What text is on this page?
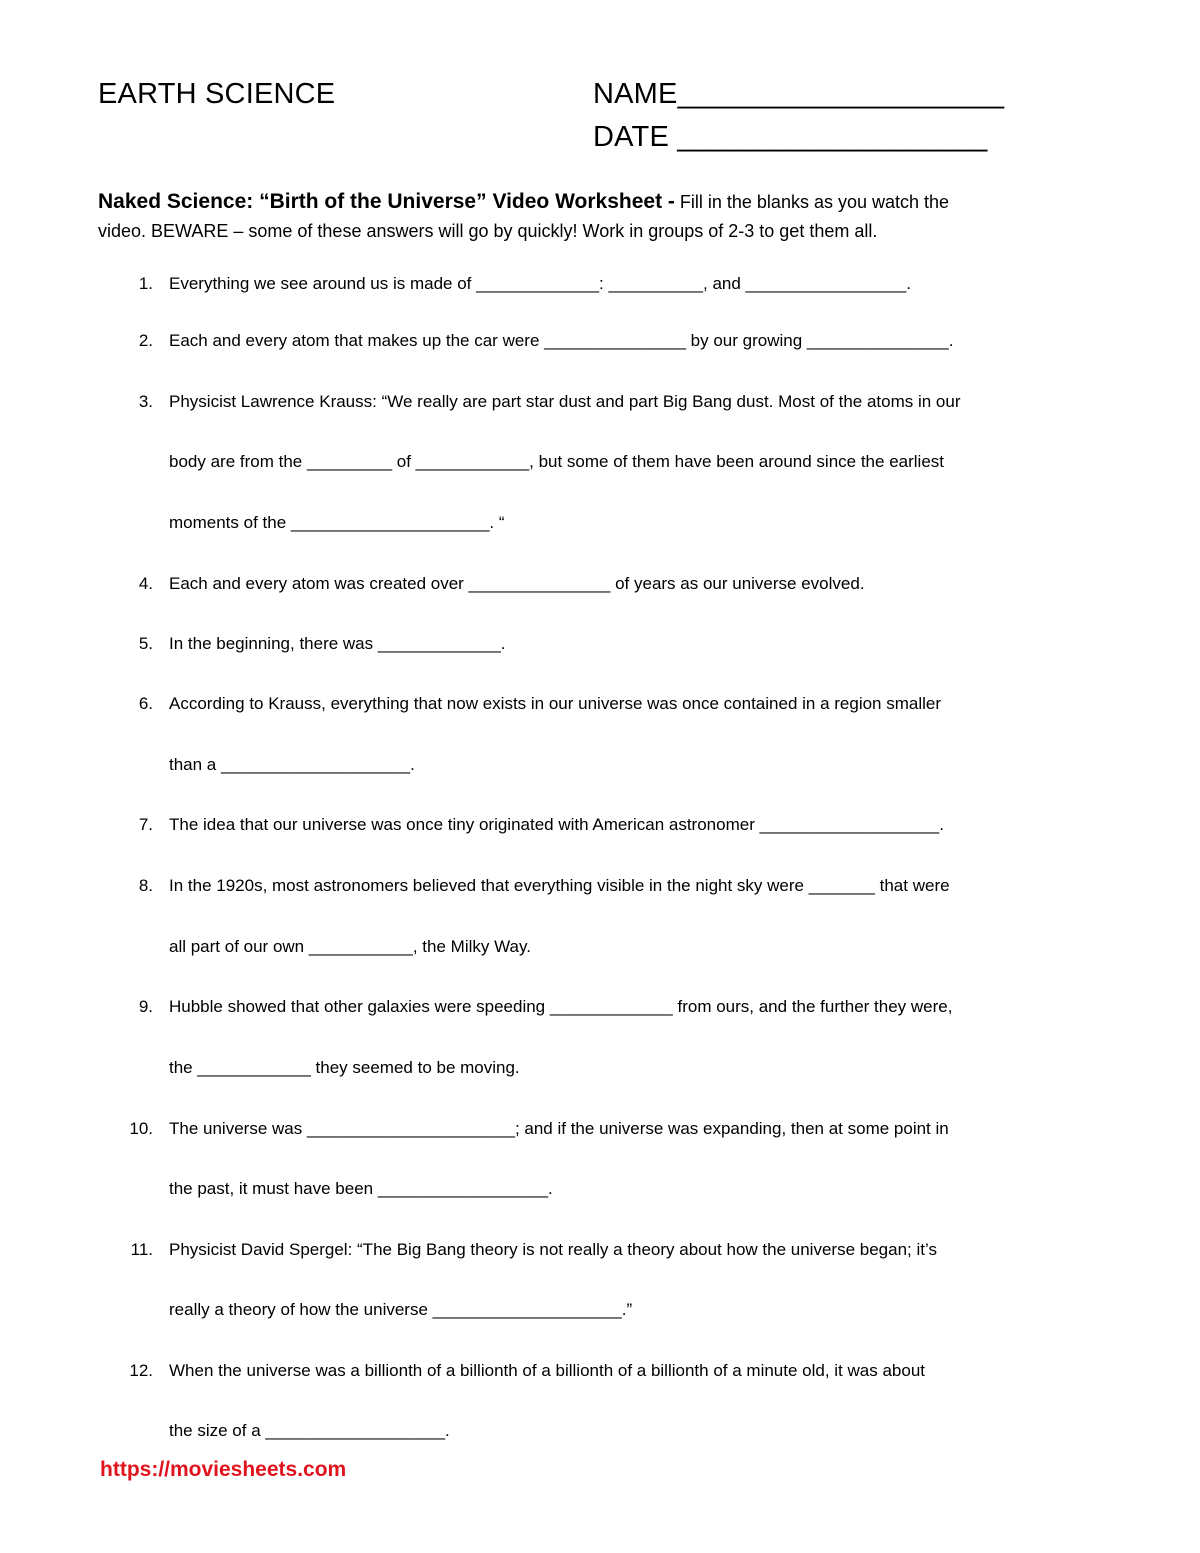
EARTH SCIENCE	NAME____________________
DATE ___________________
Naked Science: “Birth of the Universe” Video Worksheet - Fill in the blanks as you watch the
video. BEWARE – some of these answers will go by quickly! Work in groups of 2-3 to get them all.
1. Everything we see around us is made of _____________: __________, and _________________.
2. Each and every atom that makes up the car were _______________ by our growing _______________.
3. Physicist Lawrence Krauss: “We really are part star dust and part Big Bang dust. Most of the atoms in our
body are from the _________ of ____________, but some of them have been around since the earliest
moments of the _____________________. “
4. Each and every atom was created over _______________ of years as our universe evolved.
5. In the beginning, there was _____________.
6. According to Krauss, everything that now exists in our universe was once contained in a region smaller
than a ____________________.
7. The idea that our universe was once tiny originated with American astronomer ___________________.
8. In the 1920s, most astronomers believed that everything visible in the night sky were _______ that were
all part of our own ___________, the Milky Way.
9. Hubble showed that other galaxies were speeding _____________ from ours, and the further they were,
the ____________ they seemed to be moving.
10. The universe was ______________________; and if the universe was expanding, then at some point in
the past, it must have been __________________.
11. Physicist David Spergel: “The Big Bang theory is not really a theory about how the universe began; it’s
really a theory of how the universe ____________________.”
12. When the universe was a billionth of a billionth of a billionth of a billionth of a minute old, it was about
the size of a ___________________.
https://moviesheets.com
